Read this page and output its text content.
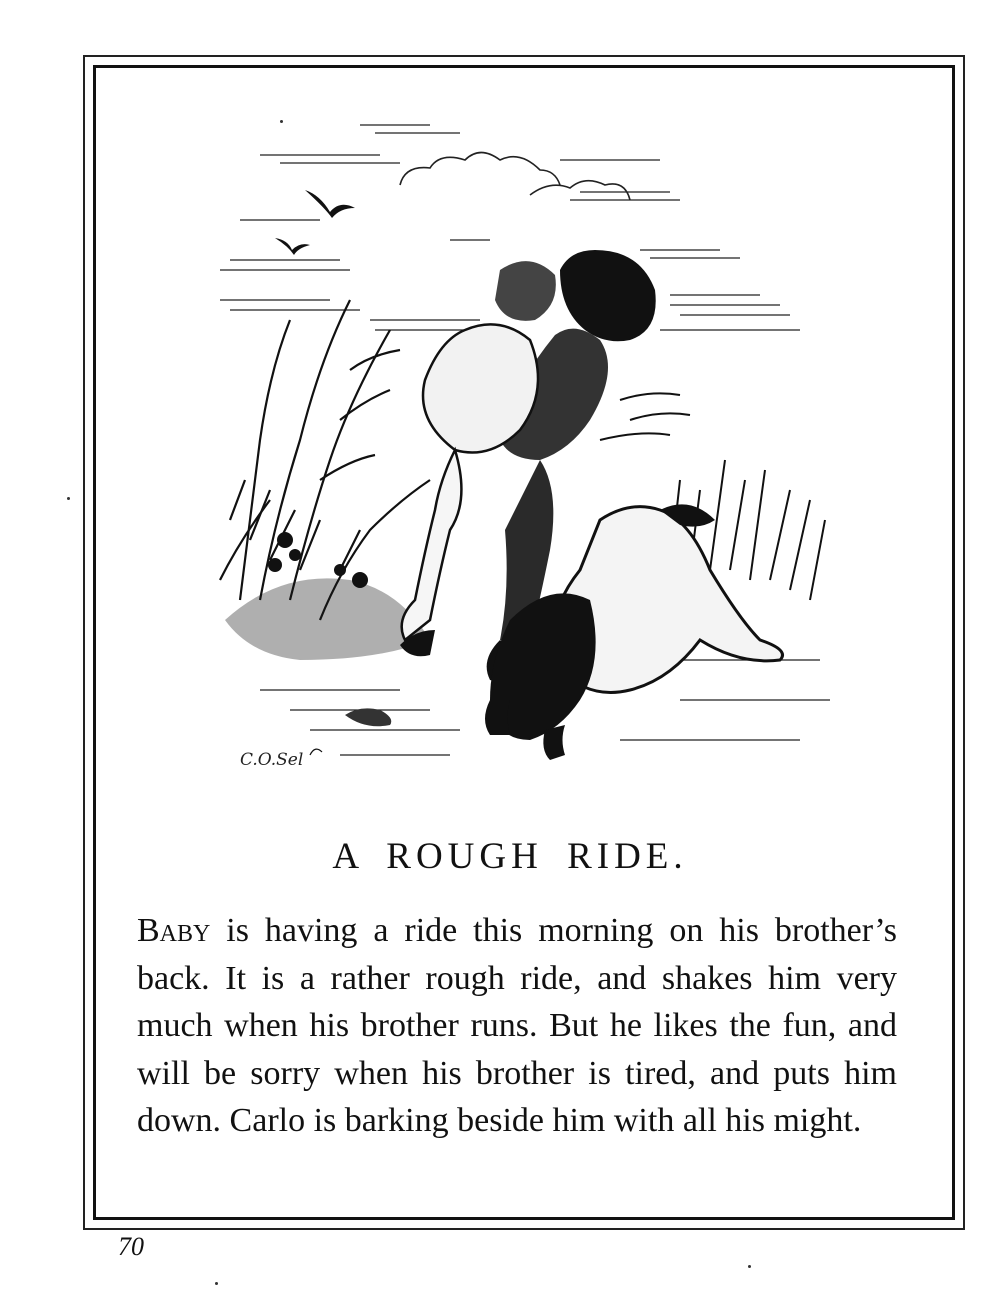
C.O.Sel
A ROUGH RIDE.
Baby is having a ride this morning on his brother’s back. It is a rather rough ride, and shakes him very much when his brother runs. But he likes the fun, and will be sorry when his brother is tired, and puts him down. Carlo is barking beside him with all his might.
70
